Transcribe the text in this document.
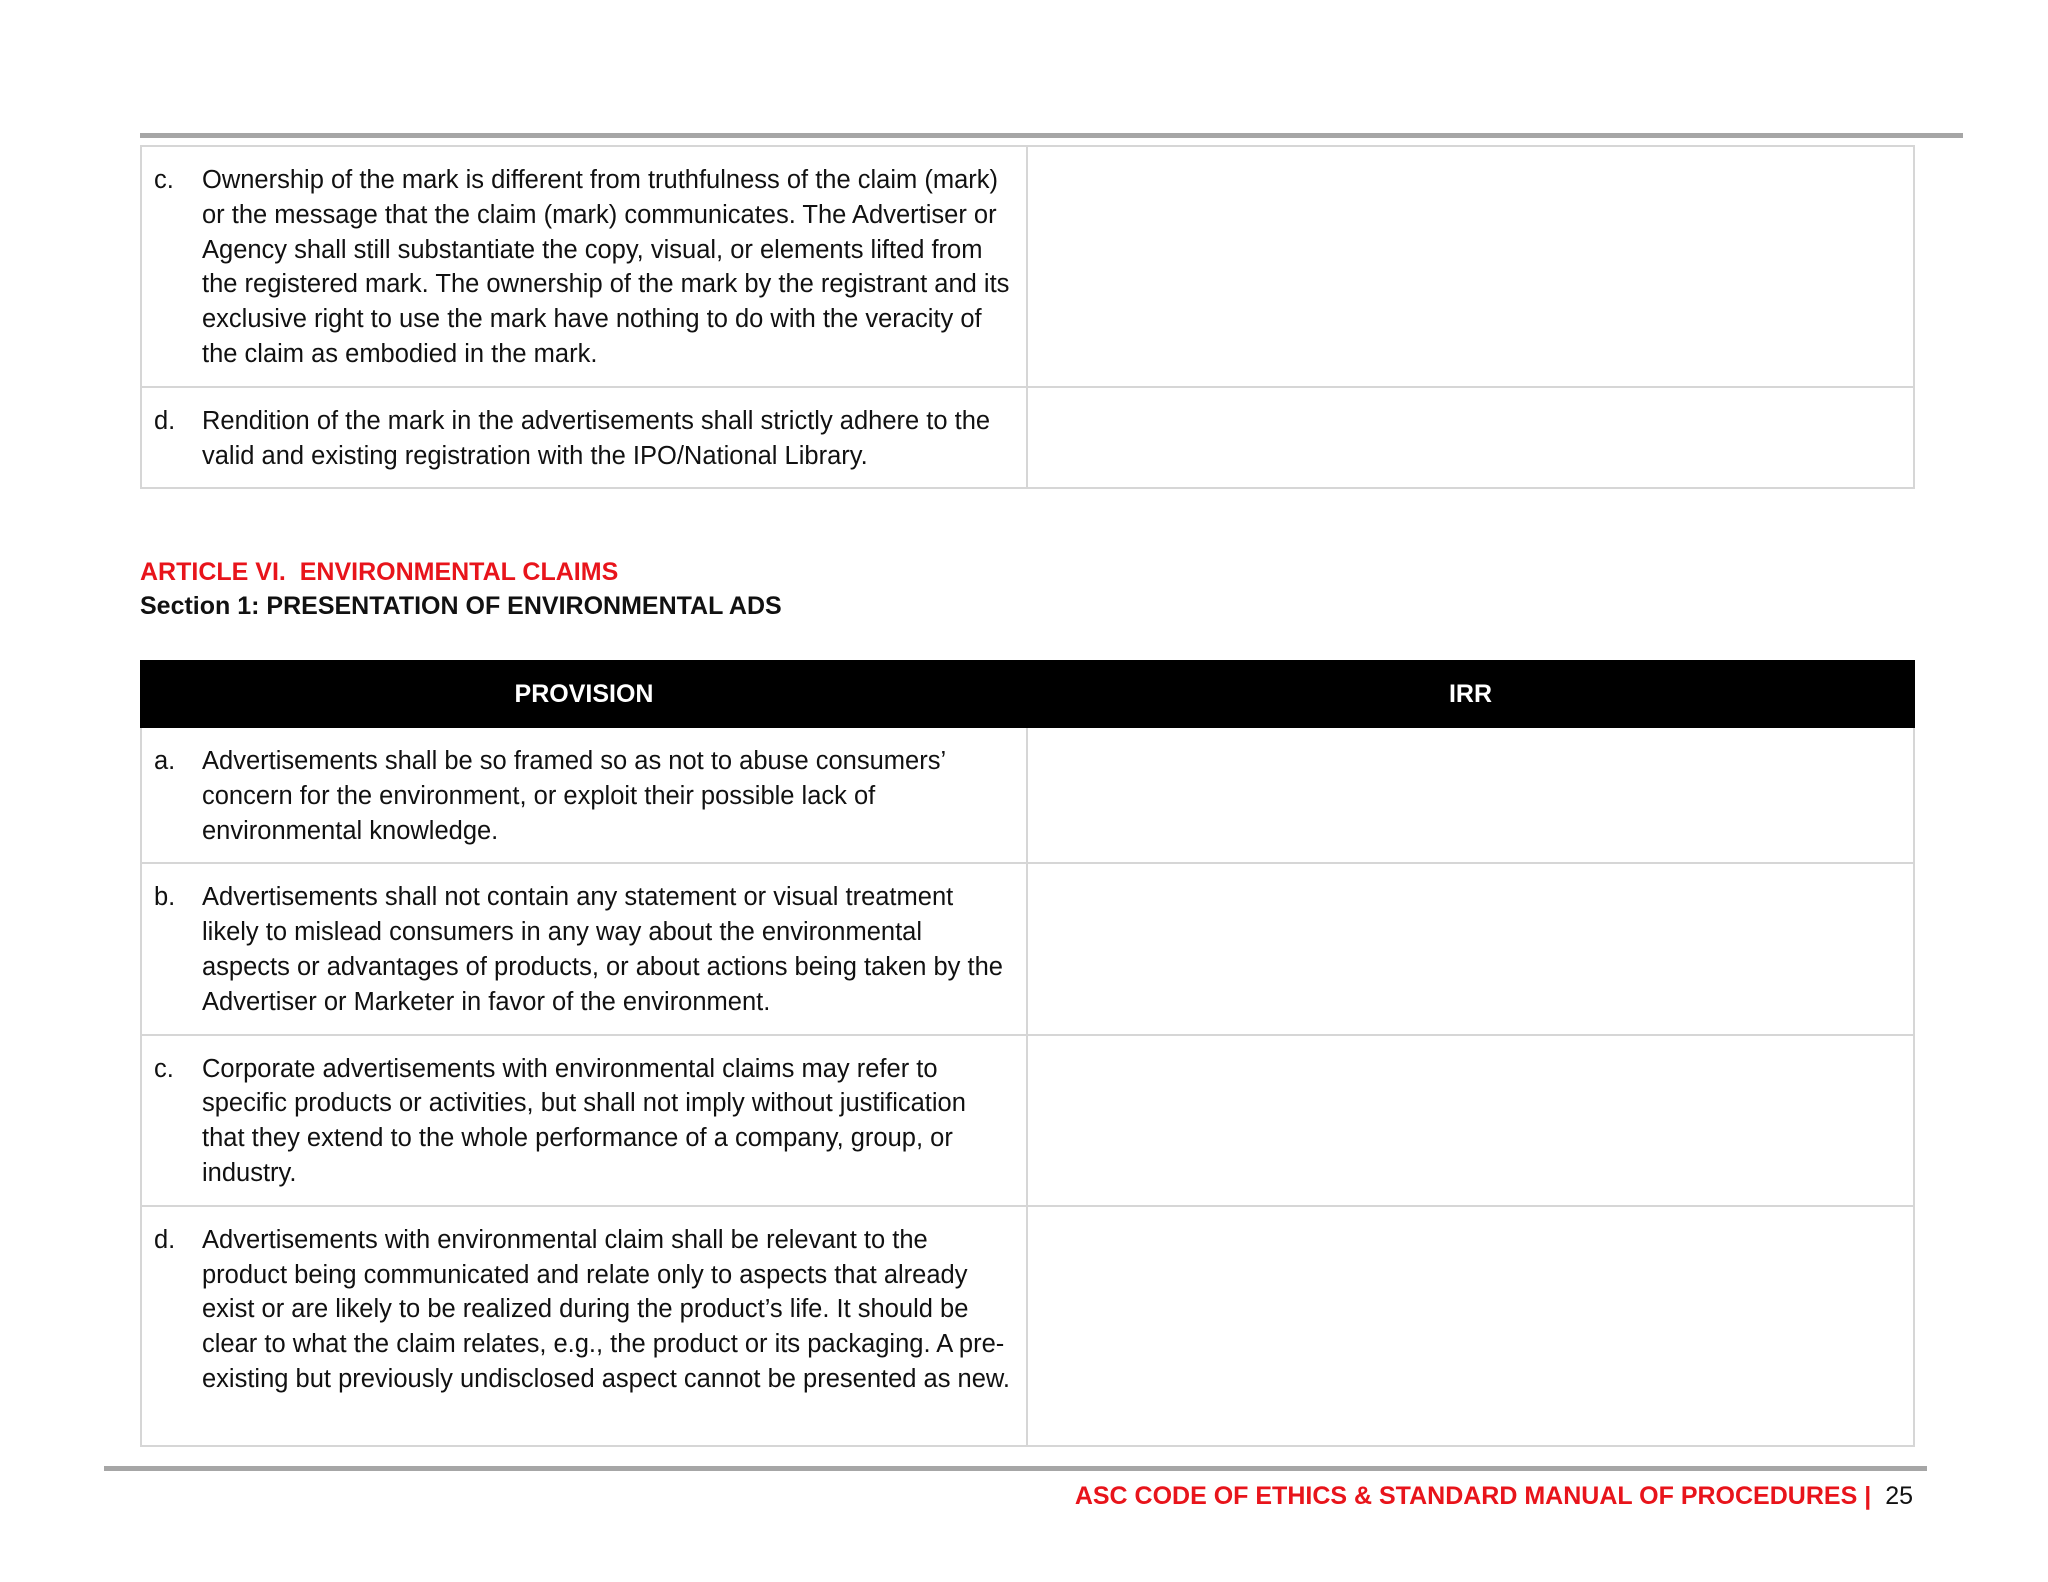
c. Ownership of the mark is different from truthfulness of the claim (mark) or the message that the claim (mark) communicates. The Advertiser or Agency shall still substantiate the copy, visual, or elements lifted from the registered mark. The ownership of the mark by the registrant and its exclusive right to use the mark have nothing to do with the veracity of the claim as embodied in the mark.	

d. Rendition of the mark in the advertisements shall strictly adhere to the valid and existing registration with the IPO/National Library.	

ARTICLE VI.  ENVIRONMENTAL CLAIMS
Section 1: PRESENTATION OF ENVIRONMENTAL ADS
PROVISION	IRR

a. Advertisements shall be so framed so as not to abuse consumers’ concern for the environment, or exploit their possible lack of environmental knowledge.	

b. Advertisements shall not contain any statement or visual treatment likely to mislead consumers in any way about the environmental aspects or advantages of products, or about actions being taken by the Advertiser or Marketer in favor of the environment.	

c. Corporate advertisements with environmental claims may refer to specific products or activities, but shall not imply without justification that they extend to the whole performance of a company, group, or industry.	

d. Advertisements with environmental claim shall be relevant to the product being communicated and relate only to aspects that already exist or are likely to be realized during the product’s life. It should be clear to what the claim relates, e.g., the product or its packaging. A pre-existing but previously undisclosed aspect cannot be presented as new.	

ASC CODE OF ETHICS & STANDARD MANUAL OF PROCEDURES | 25
